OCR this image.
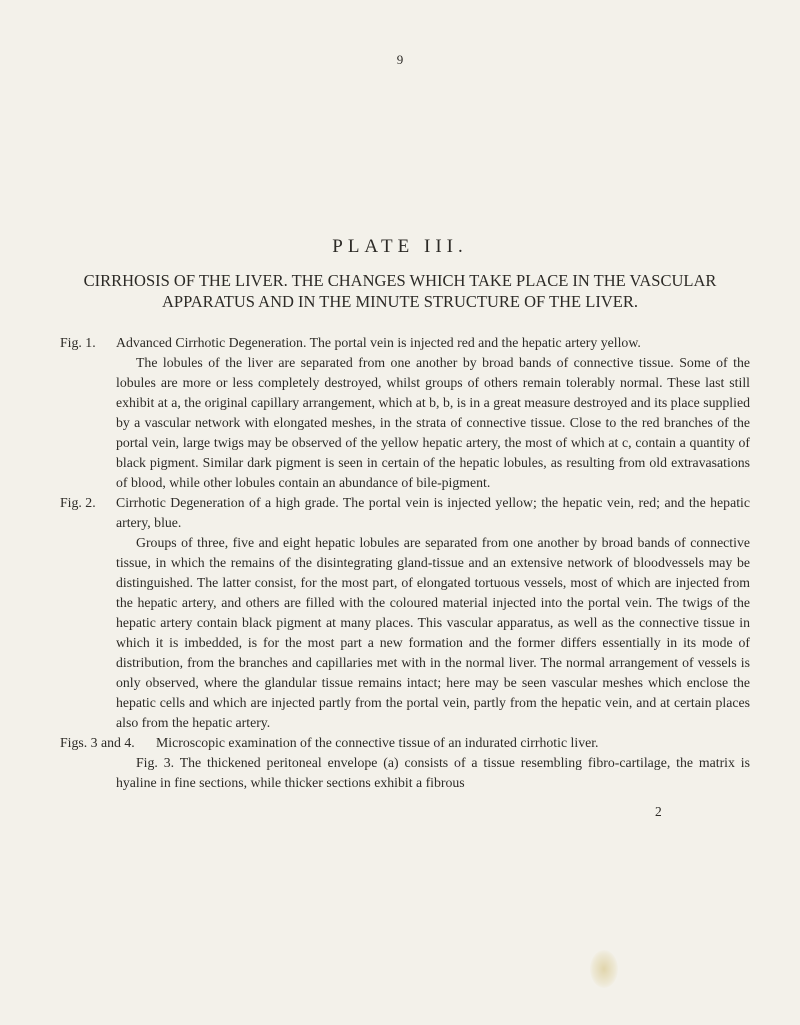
9
PLATE III.
CIRRHOSIS OF THE LIVER. THE CHANGES WHICH TAKE PLACE IN THE VASCULAR
APPARATUS AND IN THE MINUTE STRUCTURE OF THE LIVER.
Fig. 1. Advanced Cirrhotic Degeneration. The portal vein is injected red and the hepatic artery yellow.

The lobules of the liver are separated from one another by broad bands of connective tissue. Some of the lobules are more or less completely destroyed, whilst groups of others remain tolerably normal. These last still exhibit at a, the original capillary arrangement, which at b, b, is in a great measure destroyed and its place supplied by a vascular network with elongated meshes, in the strata of connective tissue. Close to the red branches of the portal vein, large twigs may be observed of the yellow hepatic artery, the most of which at c, contain a quantity of black pigment. Similar dark pigment is seen in certain of the hepatic lobules, as resulting from old extravasations of blood, while other lobules contain an abundance of bile-pigment.

Fig. 2. Cirrhotic Degeneration of a high grade. The portal vein is injected yellow; the hepatic vein, red; and the hepatic artery, blue.

Groups of three, five and eight hepatic lobules are separated from one another by broad bands of connective tissue, in which the remains of the disintegrating gland-tissue and an extensive network of bloodvessels may be distinguished. The latter consist, for the most part, of elongated tortuous vessels, most of which are injected from the hepatic artery, and others are filled with the coloured material injected into the portal vein. The twigs of the hepatic artery contain black pigment at many places. This vascular apparatus, as well as the connective tissue in which it is imbedded, is for the most part a new formation and the former differs essentially in its mode of distribution, from the branches and capillaries met with in the normal liver. The normal arrangement of vessels is only observed, where the glandular tissue remains intact; here may be seen vascular meshes which enclose the hepatic cells and which are injected partly from the portal vein, partly from the hepatic vein, and at certain places also from the hepatic artery.

Figs. 3 and 4. Microscopic examination of the connective tissue of an indurated cirrhotic liver.

Fig. 3. The thickened peritoneal envelope (a) consists of a tissue resembling fibro-cartilage, the matrix is hyaline in fine sections, while thicker sections exhibit a fibrous

2
